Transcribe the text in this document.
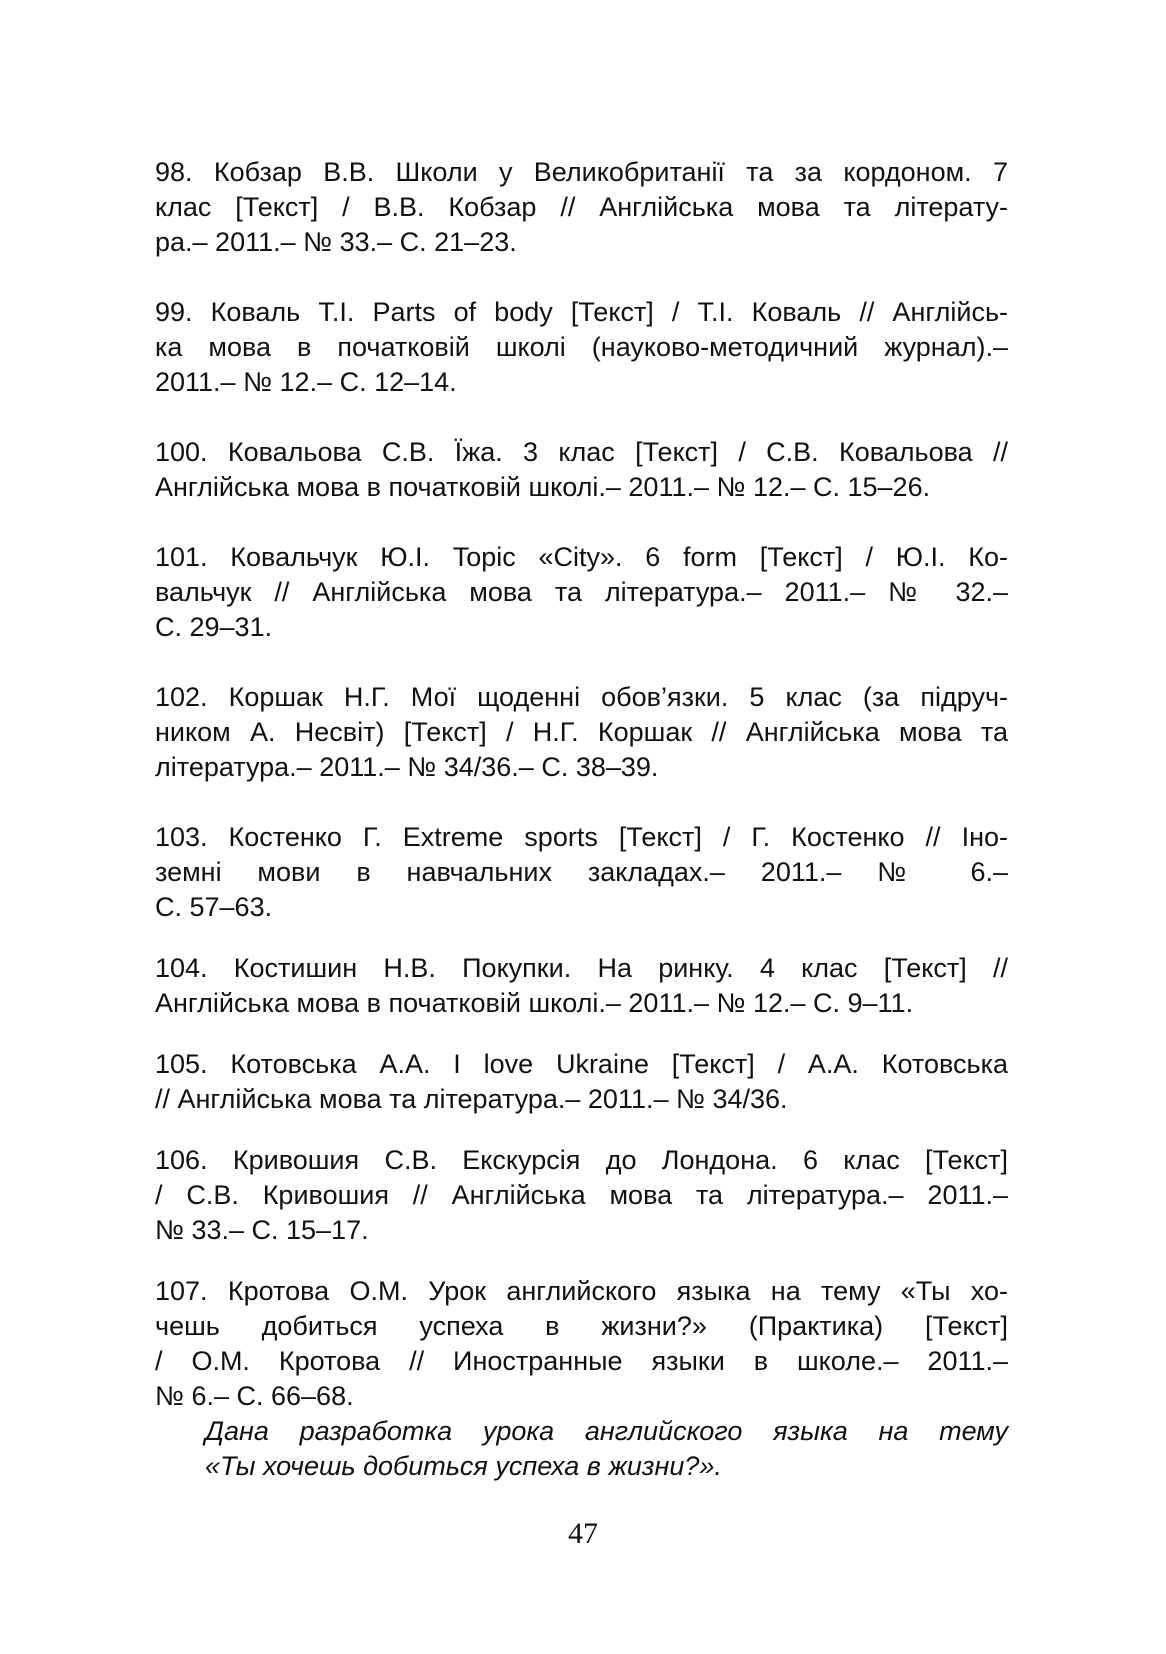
98. Кобзар В.В. Школи у Великобританії та за кордоном. 7
клас [Текст] / В.В. Кобзар // Англійська мова та літерату-
ра.– 2011.– № 33.– С. 21–23.
99. Коваль Т.І. Parts of body [Текст] / Т.І. Коваль // Англійсь-
ка мова в початковій школі (науково-методичний журнал).–
2011.– № 12.– С. 12–14.
100. Ковальова С.В. Їжа. 3 клас [Текст] / С.В. Ковальова //
Англійська мова в початковій школі.– 2011.– № 12.– С. 15–26.
101. Ковальчук Ю.І. Topic «City». 6 form [Текст] / Ю.І. Ко-
вальчук // Англійська мова та література.– 2011.– № 32.–
С. 29–31.
102. Коршак Н.Г. Мої щоденні обов’язки. 5 клас (за підруч-
ником А. Несвіт) [Текст] / Н.Г. Коршак // Англійська мова та
література.– 2011.– № 34/36.– С. 38–39.
103. Костенко Г. Extreme sports [Текст] / Г. Костенко // Іно-
земні мови в навчальних закладах.– 2011.– № 6.–
С. 57–63.
104. Костишин Н.В. Покупки. На ринку. 4 клас [Текст] //
Англійська мова в початковій школі.– 2011.– № 12.– С. 9–11.
105. Котовська А.А. I love Ukraine [Текст] / А.А. Котовська
// Англійська мова та література.– 2011.– № 34/36.
106. Кривошия С.В. Екскурсія до Лондона. 6 клас [Текст]
/ С.В. Кривошия // Англійська мова та література.– 2011.–
№ 33.– С. 15–17.
107. Кротова О.М. Урок английского языка на тему «Ты хо-
чешь добиться успеха в жизни?» (Практика) [Текст]
/ О.М. Кротова // Иностранные языки в школе.– 2011.–
№ 6.– С. 66–68.
Дана разработка урока английского языка на тему
«Ты хочешь добиться успеха в жизни?».
47
